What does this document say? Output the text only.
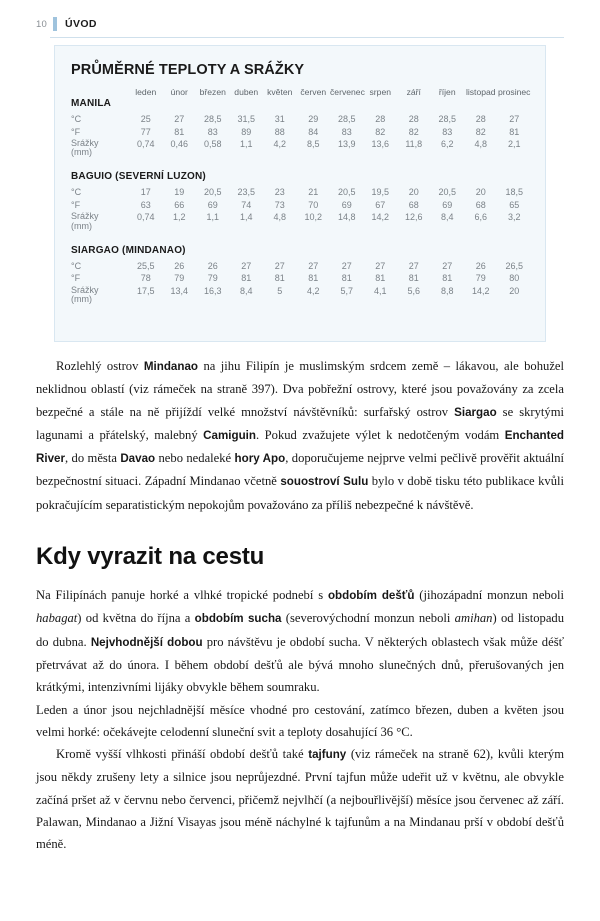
10 ÚVOD
PRŮMĚRNÉ TEPLOTY A SRÁŽKY
	leden	únor	březen	duben	květen	červen	červenec	srpen	září	říjen	listopad	prosinec
MANILA												
°C	25	27	28,5	31,5	31	29	28,5	28	28	28,5	28	27
°F	77	81	83	89	88	84	83	82	82	83	82	81

Srážky
(mm)	0,74	0,46	0,58	1,1	4,2	8,5	13,9	13,6	11,8	6,2	4,8	2,1
BAGUIO (SEVERNÍ LUZON)												
°C	17	19	20,5	23,5	23	21	20,5	19,5	20	20,5	20	18,5
°F	63	66	69	74	73	70	69	67	68	69	68	65

Srážky
(mm)	0,74	1,2	1,1	1,4	4,8	10,2	14,8	14,2	12,6	8,4	6,6	3,2
SIARGAO (MINDANAO)												
°C	25,5	26	26	27	27	27	27	27	27	27	26	26,5
°F	78	79	79	81	81	81	81	81	81	81	79	80

Srážky
(mm)	17,5	13,4	16,3	8,4	5	4,2	5,7	4,1	5,6	8,8	14,2	20

Rozlehlý ostrov Mindanao na jihu Filipín je muslimským srdcem země – lákavou, ale bohužel neklidnou oblastí (viz rámeček na straně 397). Dva pobřežní ostrovy, které jsou považovány za zcela bezpečné a stále na ně přijíždí velké množství návštěvníků: surfařský ostrov Siargao se skrytými lagunami a přátelský, malebný Camiguin. Pokud zvažujete výlet k nedotčeným vodám Enchanted River, do města Davao nebo nedaleké hory Apo, doporučujeme nejprve velmi pečlivě prověřit aktuální bezpečnostní situaci. Západní Mindanao včetně souostroví Sulu bylo v době tisku této publikace kvůli pokračujícím separatistickým nepokojům považováno za příliš nebezpečné k návštěvě.

Kdy vyrazit na cestu

Na Filipínách panuje horké a vlhké tropické podnebí s obdobím dešťů (jihozápadní monzun neboli habagat) od května do října a obdobím sucha (severovýchodní monzun neboli amihan) od listopadu do dubna. Nejvhodnější dobou pro návštěvu je období sucha. V některých oblastech však může déšť přetrvávat až do února. I během období dešťů ale bývá mnoho slunečných dnů, přerušovaných jen krátkými, intenzivními lijáky obvykle během soumraku.

Leden a únor jsou nejchladnější měsíce vhodné pro cestování, zatímco březen, duben a květen jsou velmi horké: očekávejte celodenní sluneční svit a teploty dosahující 36 °C.

Kromě vyšší vlhkosti přináší období dešťů také tajfuny (viz rámeček na straně 62), kvůli kterým jsou někdy zrušeny lety a silnice jsou neprůjezdné. První tajfun může udeřit už v květnu, ale obvykle začíná pršet až v červnu nebo červenci, přičemž nejvlhčí (a nejbouřlivější) měsíce jsou červenec až září. Palawan, Mindanao a Jižní Visayas jsou méně náchylné k tajfunům a na Mindanau prší v období dešťů méně.
